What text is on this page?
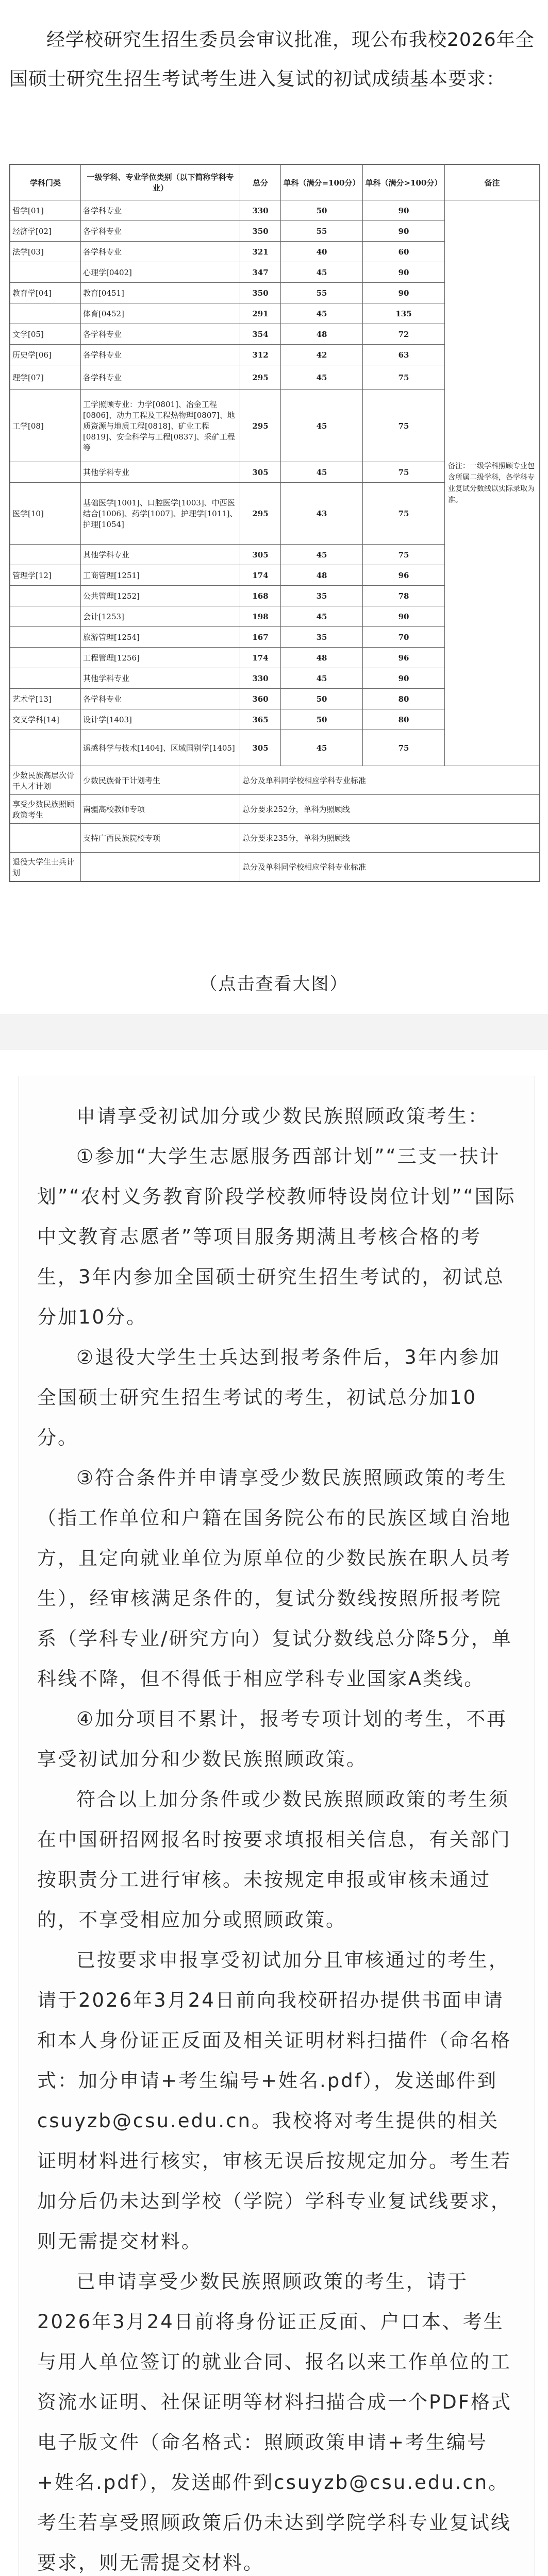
经学校研究生招生委员会审议批准，现公布我校2026年全国硕士研究生招生考试考生进入复试的初试成绩基本要求：

学科门类	一级学科、专业学位类别（以下简称学科专业）	总分	单科（满分=100分）	单科（满分>100分）	备注
哲学[01]	各学科专业	330	50	90	备注：一级学科照顾专业包含所属二级学科，各学科专业复试分数线以实际录取为准。
经济学[02]	各学科专业	350	55	90	
法学[03]	各学科专业	321	40	60	
	心理学[0402]	347	45	90	
教育学[04]	教育[0451]	350	55	90	
	体育[0452]	291	45	135	
文学[05]	各学科专业	354	48	72	
历史学[06]	各学科专业	312	42	63	
理学[07]	各学科专业	295	45	75	
工学[08]	工学照顾专业：力学[0801]、冶金工程[0806]、动力工程及工程热物理[0807]、地质资源与地质工程[0818]、矿业工程[0819]、安全科学与工程[0837]、采矿工程等	295	45	75	
	其他学科专业	305	45	75	
医学[10]	基础医学[1001]、口腔医学[1003]、中西医结合[1006]、药学[1007]、护理学[1011]、护理[1054]	295	43	75	
	其他学科专业	305	45	75	
管理学[12]	工商管理[1251]	174	48	96	
	公共管理[1252]	168	35	78	
	会计[1253]	198	45	90	
	旅游管理[1254]	167	35	70	
	工程管理[1256]	174	48	96	
	其他学科专业	330	45	90	
艺术学[13]	各学科专业	360	50	80	
交叉学科[14]	设计学[1403]	365	50	80	
	遥感科学与技术[1404]、区域国别学[1405]	305	45	75	
少数民族高层次骨干人才计划	少数民族骨干计划考生	总分及单科同学校相应学科专业标准			
享受少数民族照顾政策考生	南疆高校教师专项	总分要求252分，单科为照顾线			
	支持广西民族院校专项	总分要求235分，单科为照顾线			
退役大学生士兵计划		总分及单科同学校相应学科专业标准			
（点击查看大图）

申请享受初试加分或少数民族照顾政策考生：

①参加“大学生志愿服务西部计划”“三支一扶计划”“农村义务教育阶段学校教师特设岗位计划”“国际中文教育志愿者”等项目服务期满且考核合格的考生，3年内参加全国硕士研究生招生考试的，初试总分加10分。

②退役大学生士兵达到报考条件后，3年内参加全国硕士研究生招生考试的考生，初试总分加10分。

③符合条件并申请享受少数民族照顾政策的考生（指工作单位和户籍在国务院公布的民族区域自治地方，且定向就业单位为原单位的少数民族在职人员考生），经审核满足条件的，复试分数线按照所报考院系（学科专业/研究方向）复试分数线总分降5分，单科线不降，但不得低于相应学科专业国家A类线。

④加分项目不累计，报考专项计划的考生，不再享受初试加分和少数民族照顾政策。

符合以上加分条件或少数民族照顾政策的考生须在中国研招网报名时按要求填报相关信息，有关部门按职责分工进行审核。未按规定申报或审核未通过的，不享受相应加分或照顾政策。

已按要求申报享受初试加分且审核通过的考生，请于2026年3月24日前向我校研招办提供书面申请和本人身份证正反面及相关证明材料扫描件（命名格式：加分申请+考生编号+姓名.pdf），发送邮件到csuyzb@csu.edu.cn。我校将对考生提供的相关证明材料进行核实，审核无误后按规定加分。考生若加分后仍未达到学校（学院）学科专业复试线要求，则无需提交材料。

已申请享受少数民族照顾政策的考生，请于2026年3月24日前将身份证正反面、户口本、考生与用人单位签订的就业合同、报名以来工作单位的工资流水证明、社保证明等材料扫描合成一个PDF格式电子版文件（命名格式：照顾政策申请+考生编号+姓名.pdf），发送邮件到csuyzb@csu.edu.cn。考生若享受照顾政策后仍未达到学院学科专业复试线要求，则无需提交材料。
